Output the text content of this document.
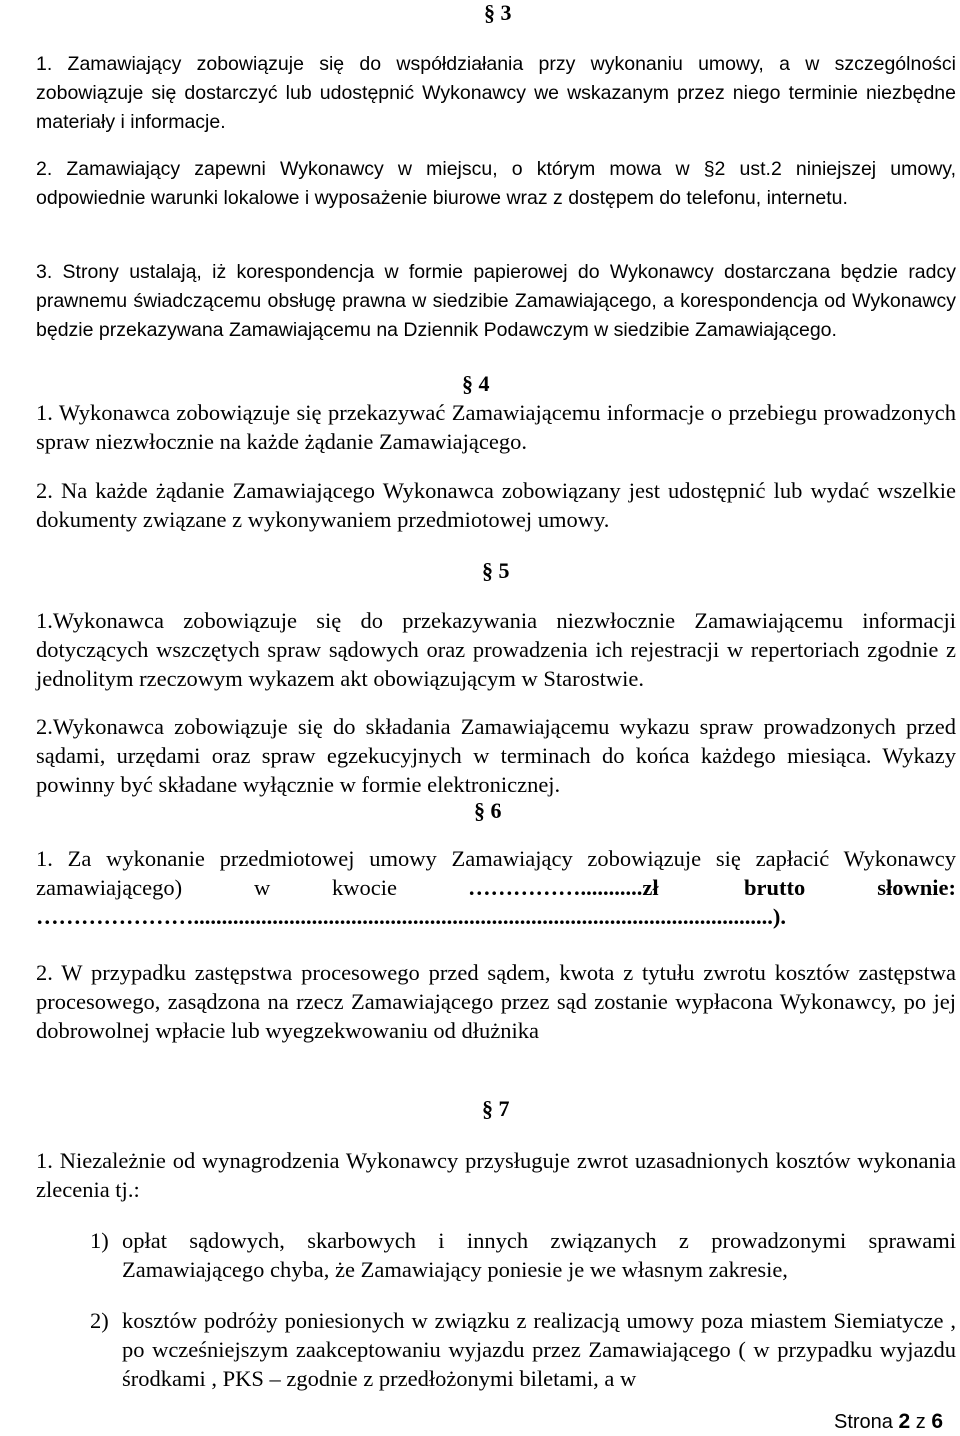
§ 3

1. Zamawiający zobowiązuje się do współdziałania przy wykonaniu umowy, a w szczególności zobowiązuje się dostarczyć lub udostępnić Wykonawcy we wskazanym przez niego terminie niezbędne materiały i informacje.

2. Zamawiający zapewni Wykonawcy w miejscu, o którym mowa w §2 ust.2 niniejszej umowy, odpowiednie warunki lokalowe i wyposażenie biurowe wraz z dostępem do telefonu, internetu.

3. Strony ustalają, iż korespondencja w formie papierowej do Wykonawcy dostarczana będzie radcy prawnemu świadczącemu obsługę prawna w siedzibie Zamawiającego, a korespondencja od Wykonawcy będzie przekazywana Zamawiającemu na Dziennik Podawczym w siedzibie Zamawiającego.

§ 4

1. Wykonawca zobowiązuje się przekazywać Zamawiającemu informacje o przebiegu prowadzonych spraw niezwłocznie na każde żądanie Zamawiającego.

2. Na każde żądanie Zamawiającego Wykonawca zobowiązany jest udostępnić lub wydać wszelkie dokumenty związane z wykonywaniem przedmiotowej umowy.

§ 5

1.Wykonawca zobowiązuje się do przekazywania niezwłocznie Zamawiającemu informacji dotyczących wszczętych spraw sądowych oraz prowadzenia ich rejestracji w repertoriach zgodnie z jednolitym rzeczowym wykazem akt obowiązującym w Starostwie.

2.Wykonawca zobowiązuje się do składania Zamawiającemu wykazu spraw prowadzonych przed sądami, urzędami oraz spraw egzekucyjnych w terminach do końca każdego miesiąca. Wykazy powinny być składane wyłącznie w formie elektronicznej.

§ 6

1. Za wykonanie przedmiotowej umowy Zamawiający zobowiązuje się zapłacić Wykonawcy

zamawiającego)	w	kwocie	……………...........zł	brutto	słownie:
………………….......................................................................................................).

2. W przypadku zastępstwa procesowego przed sądem, kwota z tytułu zwrotu kosztów zastępstwa procesowego, zasądzona na rzecz Zamawiającego przez sąd zostanie wypłacona Wykonawcy, po jej dobrowolnej wpłacie lub wyegzekwowaniu od dłużnika

§ 7

1. Niezależnie od wynagrodzenia Wykonawcy przysługuje zwrot uzasadnionych kosztów wykonania zlecenia tj.:

1) opłat sądowych, skarbowych i innych związanych z prowadzonymi sprawami Zamawiającego chyba, że Zamawiający poniesie je we własnym zakresie,

2) kosztów podróży poniesionych w związku z realizacją umowy poza miastem Siemiatycze , po wcześniejszym zaakceptowaniu wyjazdu przez Zamawiającego ( w przypadku wyjazdu środkami , PKS – zgodnie z przedłożonymi biletami, a w

Strona 2 z 6
